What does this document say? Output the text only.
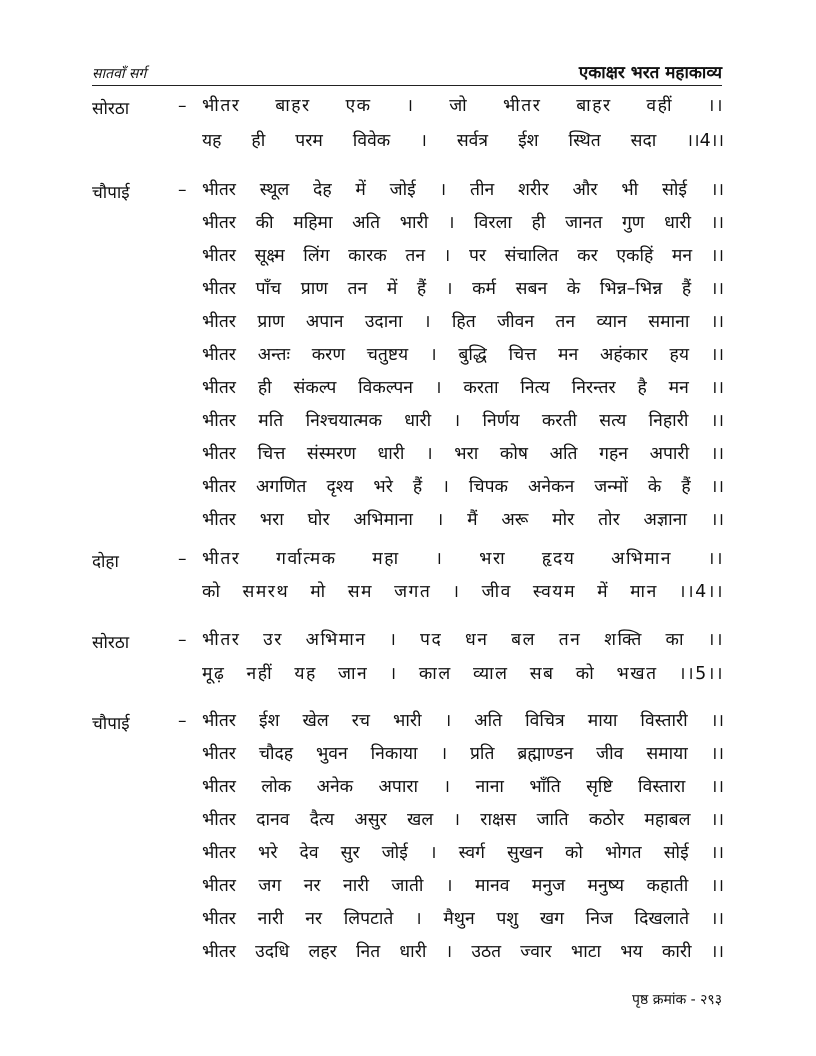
सातवाँ सर्ग	एकाक्षर भरत महाकाव्य
सोरठा	– भीतर बाहर एक । जो भीतर बाहर वहीं ।।
यह ही परम विवेक । सर्वत्र ईश स्थित सदा ।।4।।
चौपाई	– भीतर स्थूल देह में जोई । तीन शरीर और भी सोई ।।
भीतर की महिमा अति भारी । विरला ही जानत गुण धारी ।।
भीतर सूक्ष्म लिंग कारक तन । पर संचालित कर एकहिं मन ।।
भीतर पाँच प्राण तन में हैं । कर्म सबन के भिन्न–भिन्न हैं ।।
भीतर प्राण अपान उदाना । हित जीवन तन व्यान समाना ।।
भीतर अन्तः करण चतुष्टय । बुद्धि चित्त मन अहंकार हय ।।
भीतर ही संकल्प विकल्पन । करता नित्य निरन्तर है मन ।।
भीतर मति निश्चयात्मक धारी । निर्णय करती सत्य निहारी ।।
भीतर चित्त संस्मरण धारी । भरा कोष अति गहन अपारी ।।
भीतर अगणित दृश्य भरे हैं । चिपक अनेकन जन्मों के हैं ।।
भीतर भरा घोर अभिमाना । मैं अरू मोर तोर अज्ञाना ।।
दोहा	– भीतर गर्वात्मक महा । भरा हृदय अभिमान ।।
को समरथ मो सम जगत । जीव स्वयम में मान ।।4।।
सोरठा	– भीतर उर अभिमान । पद धन बल तन शक्ति का ।।
मूढ़ नहीं यह जान । काल व्याल सब को भखत ।।5।।
चौपाई	– भीतर ईश खेल रच भारी । अति विचित्र माया विस्तारी ।।
भीतर चौदह भुवन निकाया । प्रति ब्रह्माण्डन जीव समाया ।।
भीतर लोक अनेक अपारा । नाना भाँति सृष्टि विस्तारा ।।
भीतर दानव दैत्य असुर खल । राक्षस जाति कठोर महाबल ।।
भीतर भरे देव सुर जोई । स्वर्ग सुखन को भोगत सोई ।।
भीतर जग नर नारी जाती । मानव मनुज मनुष्य कहाती ।।
भीतर नारी नर लिपटाते । मैथुन पशु खग निज दिखलाते ।।
भीतर उदधि लहर नित धारी । उठत ज्वार भाटा भय कारी ।।
पृष्ठ क्रमांक - २९३
